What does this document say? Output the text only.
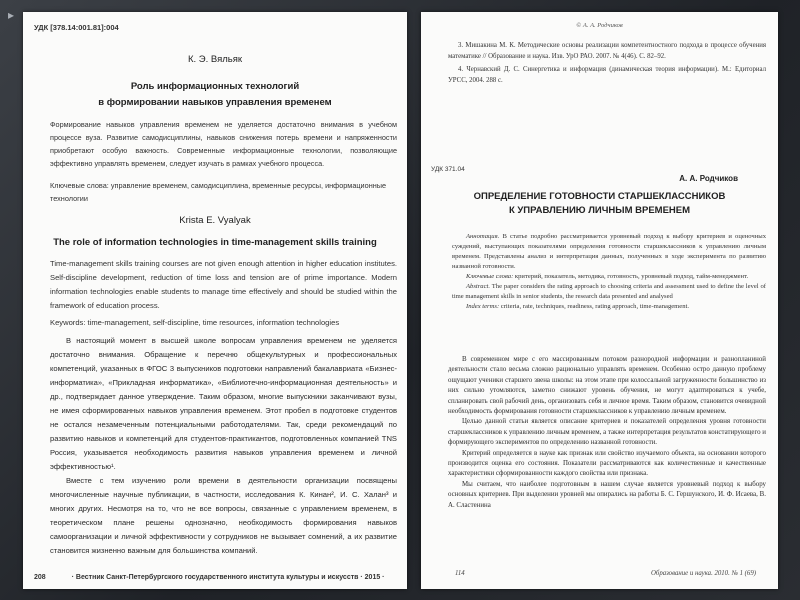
▸
УДК [378.14:001.81]:004
К. Э. Вяльяк
Роль информационных технологий
в формировании навыков управления временем
Формирование навыков управления временем не уделяется достаточно внимания в учебном процессе вуза. Развитие самодисциплины, навыков снижения потерь времени и напряженности приобретают особую важность. Современные информационные технологии, позволяющие эффективно управлять временем, следует изучать в рамках учебного процесса.
Ключевые слова: управление временем, самодисциплина, временные ресурсы, информационные технологии
Krista E. Vyalyak
The role of information technologies in time-management skills training
Time-management skills training courses are not given enough attention in higher education institutes. Self-discipline development, reduction of time loss and tension are of prime importance. Modern information technologies enable students to manage time effectively and should be studied within the framework of education process.
Keywords: time-management, self-discipline, time resources, information technologies

В настоящий момент в высшей школе вопросам управления временем не уделяется достаточно внимания. Обращение к перечню общекультурных и профессиональных компетенций, указанных в ФГОС 3 выпускников подготовки направлений бакалавриата «Бизнес-информатика», «Прикладная информатика», «Библиотечно-информационная деятельность» и др., подтверждает данное утверждение. Таким образом, многие выпускники заканчивают вузы, не имея сформированных навыков управления временем. Этот пробел в подготовке студентов не остался незамеченным потенциальными работодателями. Так, среди рекомендаций по развитию навыков и компетенций для студентов-практикантов, подготовленных компанией TNS Россия, указывается необходимость развития навыков управления временем и личной эффективностью¹.

Вместе с тем изучению роли времени в деятельности организации посвящены многочисленные научные публикации, в частности, исследования К. Кинан², И. С. Халан³ и многих других. Несмотря на то, что не все вопросы, связанные с управлением временем, в теоретическом плане решены однозначно, необходимость формирования навыков самоорганизации и личной эффективности у сотрудников не вызывает сомнений, а их развитие становится жизненно важным для большинства компаний.

208	· Вестник Санкт-Петербургского государственного института культуры и искусств · 2015 ·
© А. А. Родчиков

3. Мишакина М. К. Методические основы реализации компетентностного подхода в процессе обучения математике // Образование и наука. Изв. УрО РАО. 2007. № 4(46). С. 82–92.

4. Чернавский Д. С. Синергетика и информация (динамическая теория информации). М.: Едиториал УРСС, 2004. 288 с.

УДК 371.04
А. А. Родчиков
ОПРЕДЕЛЕНИЕ ГОТОВНОСТИ СТАРШЕКЛАССНИКОВ
К УПРАВЛЕНИЮ ЛИЧНЫМ ВРЕМЕНЕМ

Аннотация. В статье подробно рассматривается уровневый подход к выбору критериев и оценочных суждений, выступающих показателями определения готовности старшеклассников к управлению личным временем. Представлены анализ и интерпретация данных, полученных в ходе эксперимента по развитию названной готовности.

Ключевые слова: критерий, показатель, методика, готовность, уровневый подход, тайм-менеджмент.

Abstract. The paper considers the rating approach to choosing criteria and assessment used to define the level of time management skills in senior students, the research data presented and analysed

Index terms: criteria, rate, techniques, readiness, rating approach, time-management.

В современном мире с его массированным потоком разнородной информации и разнопланиной деятельности стало весьма сложно рационально управлять временем. Особенно остро данную проблему ощущают ученики старшего звена школы: на этом этапе при колоссальной загруженности большинство из них сильно утомляются, заметно снижают уровень обучения, не могут адаптироваться к учебе, спланировать свой рабочий день, организовать себя и личное время. Таким образом, становится очевидной необходимость формирования готовности старшеклассников к управлению личным временем.

Целью данной статьи является описание критериев и показателей определения уровня готовности старшеклассников к управлению личным временем, а также интерпретация результатов констатирующего и формирующего экспериментов по определению названной готовности.

Критерий определяется в науке как признак или свойство изучаемого объекта, на основании которого производится оценка его состояния. Показатели рассматриваются как количественные и качественные характеристики сформированности каждого свойства или признака.

Мы считаем, что наиболее подготовным в нашем случае является уровневый подход к выбору основных критериев. При выделении уровней мы опирались на работы Б. С. Гершунского, И. Ф. Исаева, В. А. Сластенина

114	Образование и наука. 2010. № 1 (69)
